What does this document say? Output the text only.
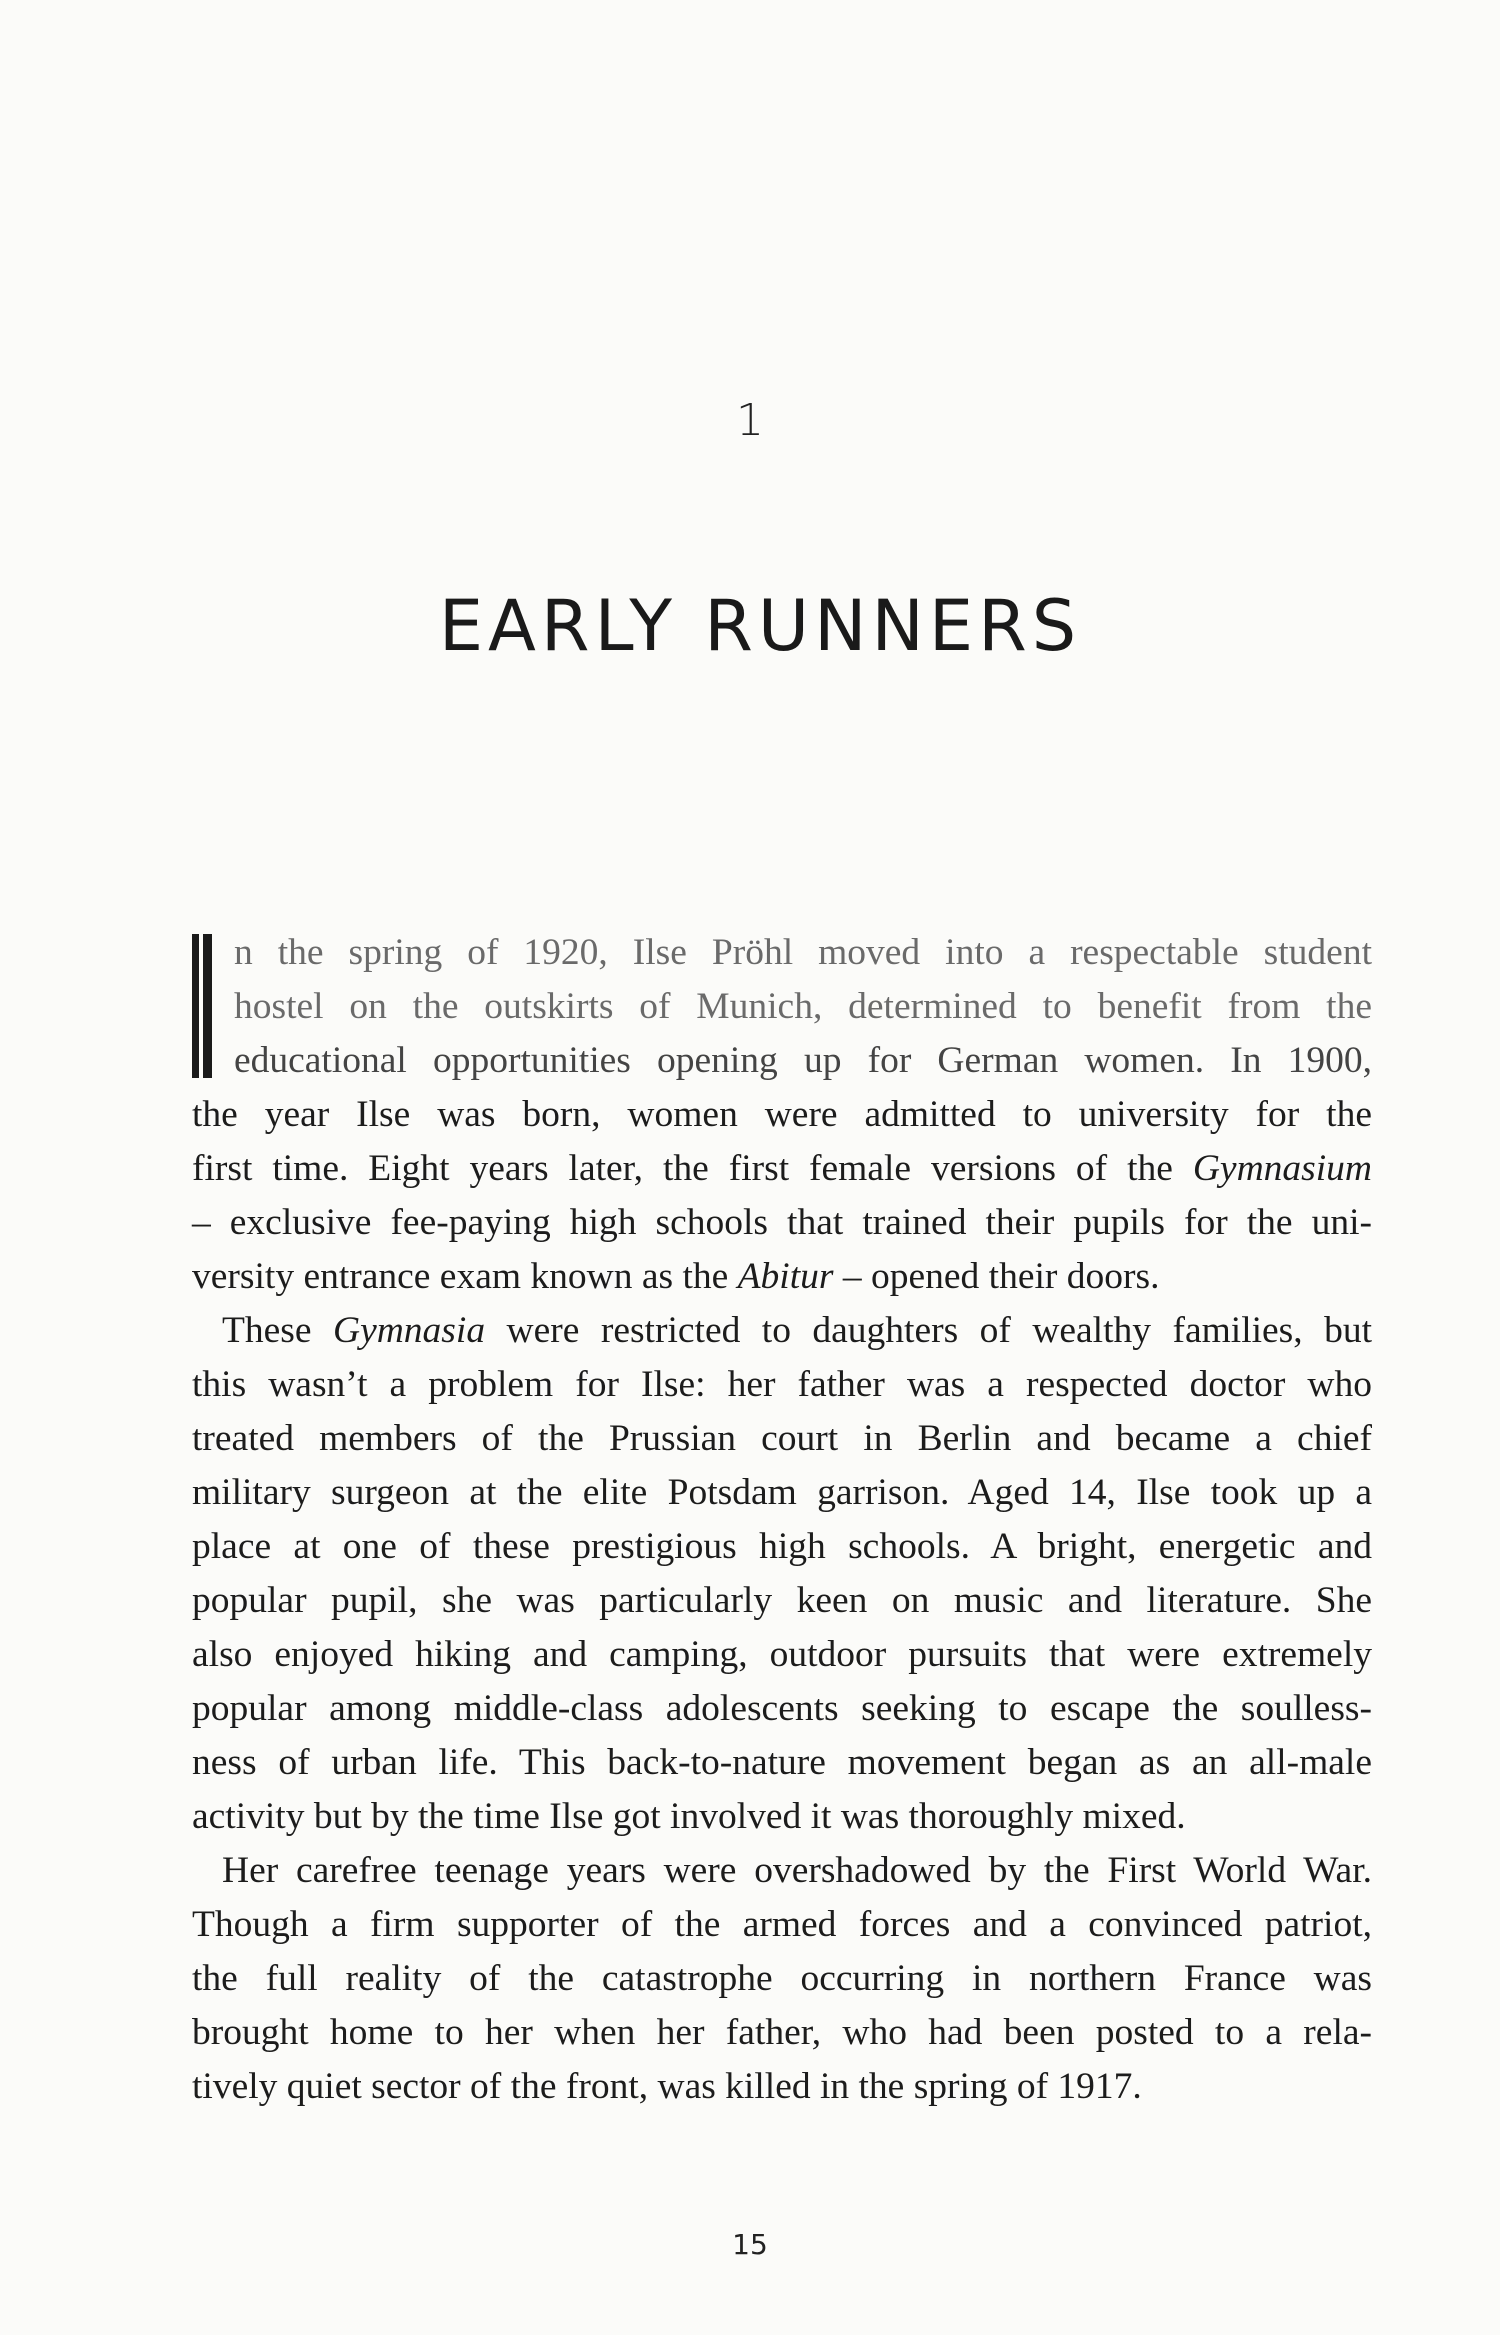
1
EARLY RUNNERS
n the spring of 1920, Ilse Pröhl moved into a respectable student
hostel on the outskirts of Munich, determined to benefit from the
educational opportunities opening up for German women. In 1900,
the year Ilse was born, women were admitted to university for the
first time. Eight years later, the first female versions of the Gymnasium
– exclusive fee-paying high schools that trained their pupils for the uni-
versity entrance exam known as the Abitur – opened their doors.
These Gymnasia were restricted to daughters of wealthy families, but
this wasn’t a problem for Ilse: her father was a respected doctor who
treated members of the Prussian court in Berlin and became a chief
military surgeon at the elite Potsdam garrison. Aged 14, Ilse took up a
place at one of these prestigious high schools. A bright, energetic and
popular pupil, she was particularly keen on music and literature. She
also enjoyed hiking and camping, outdoor pursuits that were extremely
popular among middle-class adolescents seeking to escape the soulless-
ness of urban life. This back-to-nature movement began as an all-male
activity but by the time Ilse got involved it was thoroughly mixed.
Her carefree teenage years were overshadowed by the First World War.
Though a firm supporter of the armed forces and a convinced patriot,
the full reality of the catastrophe occurring in northern France was
brought home to her when her father, who had been posted to a rela-
tively quiet sector of the front, was killed in the spring of 1917.
15
